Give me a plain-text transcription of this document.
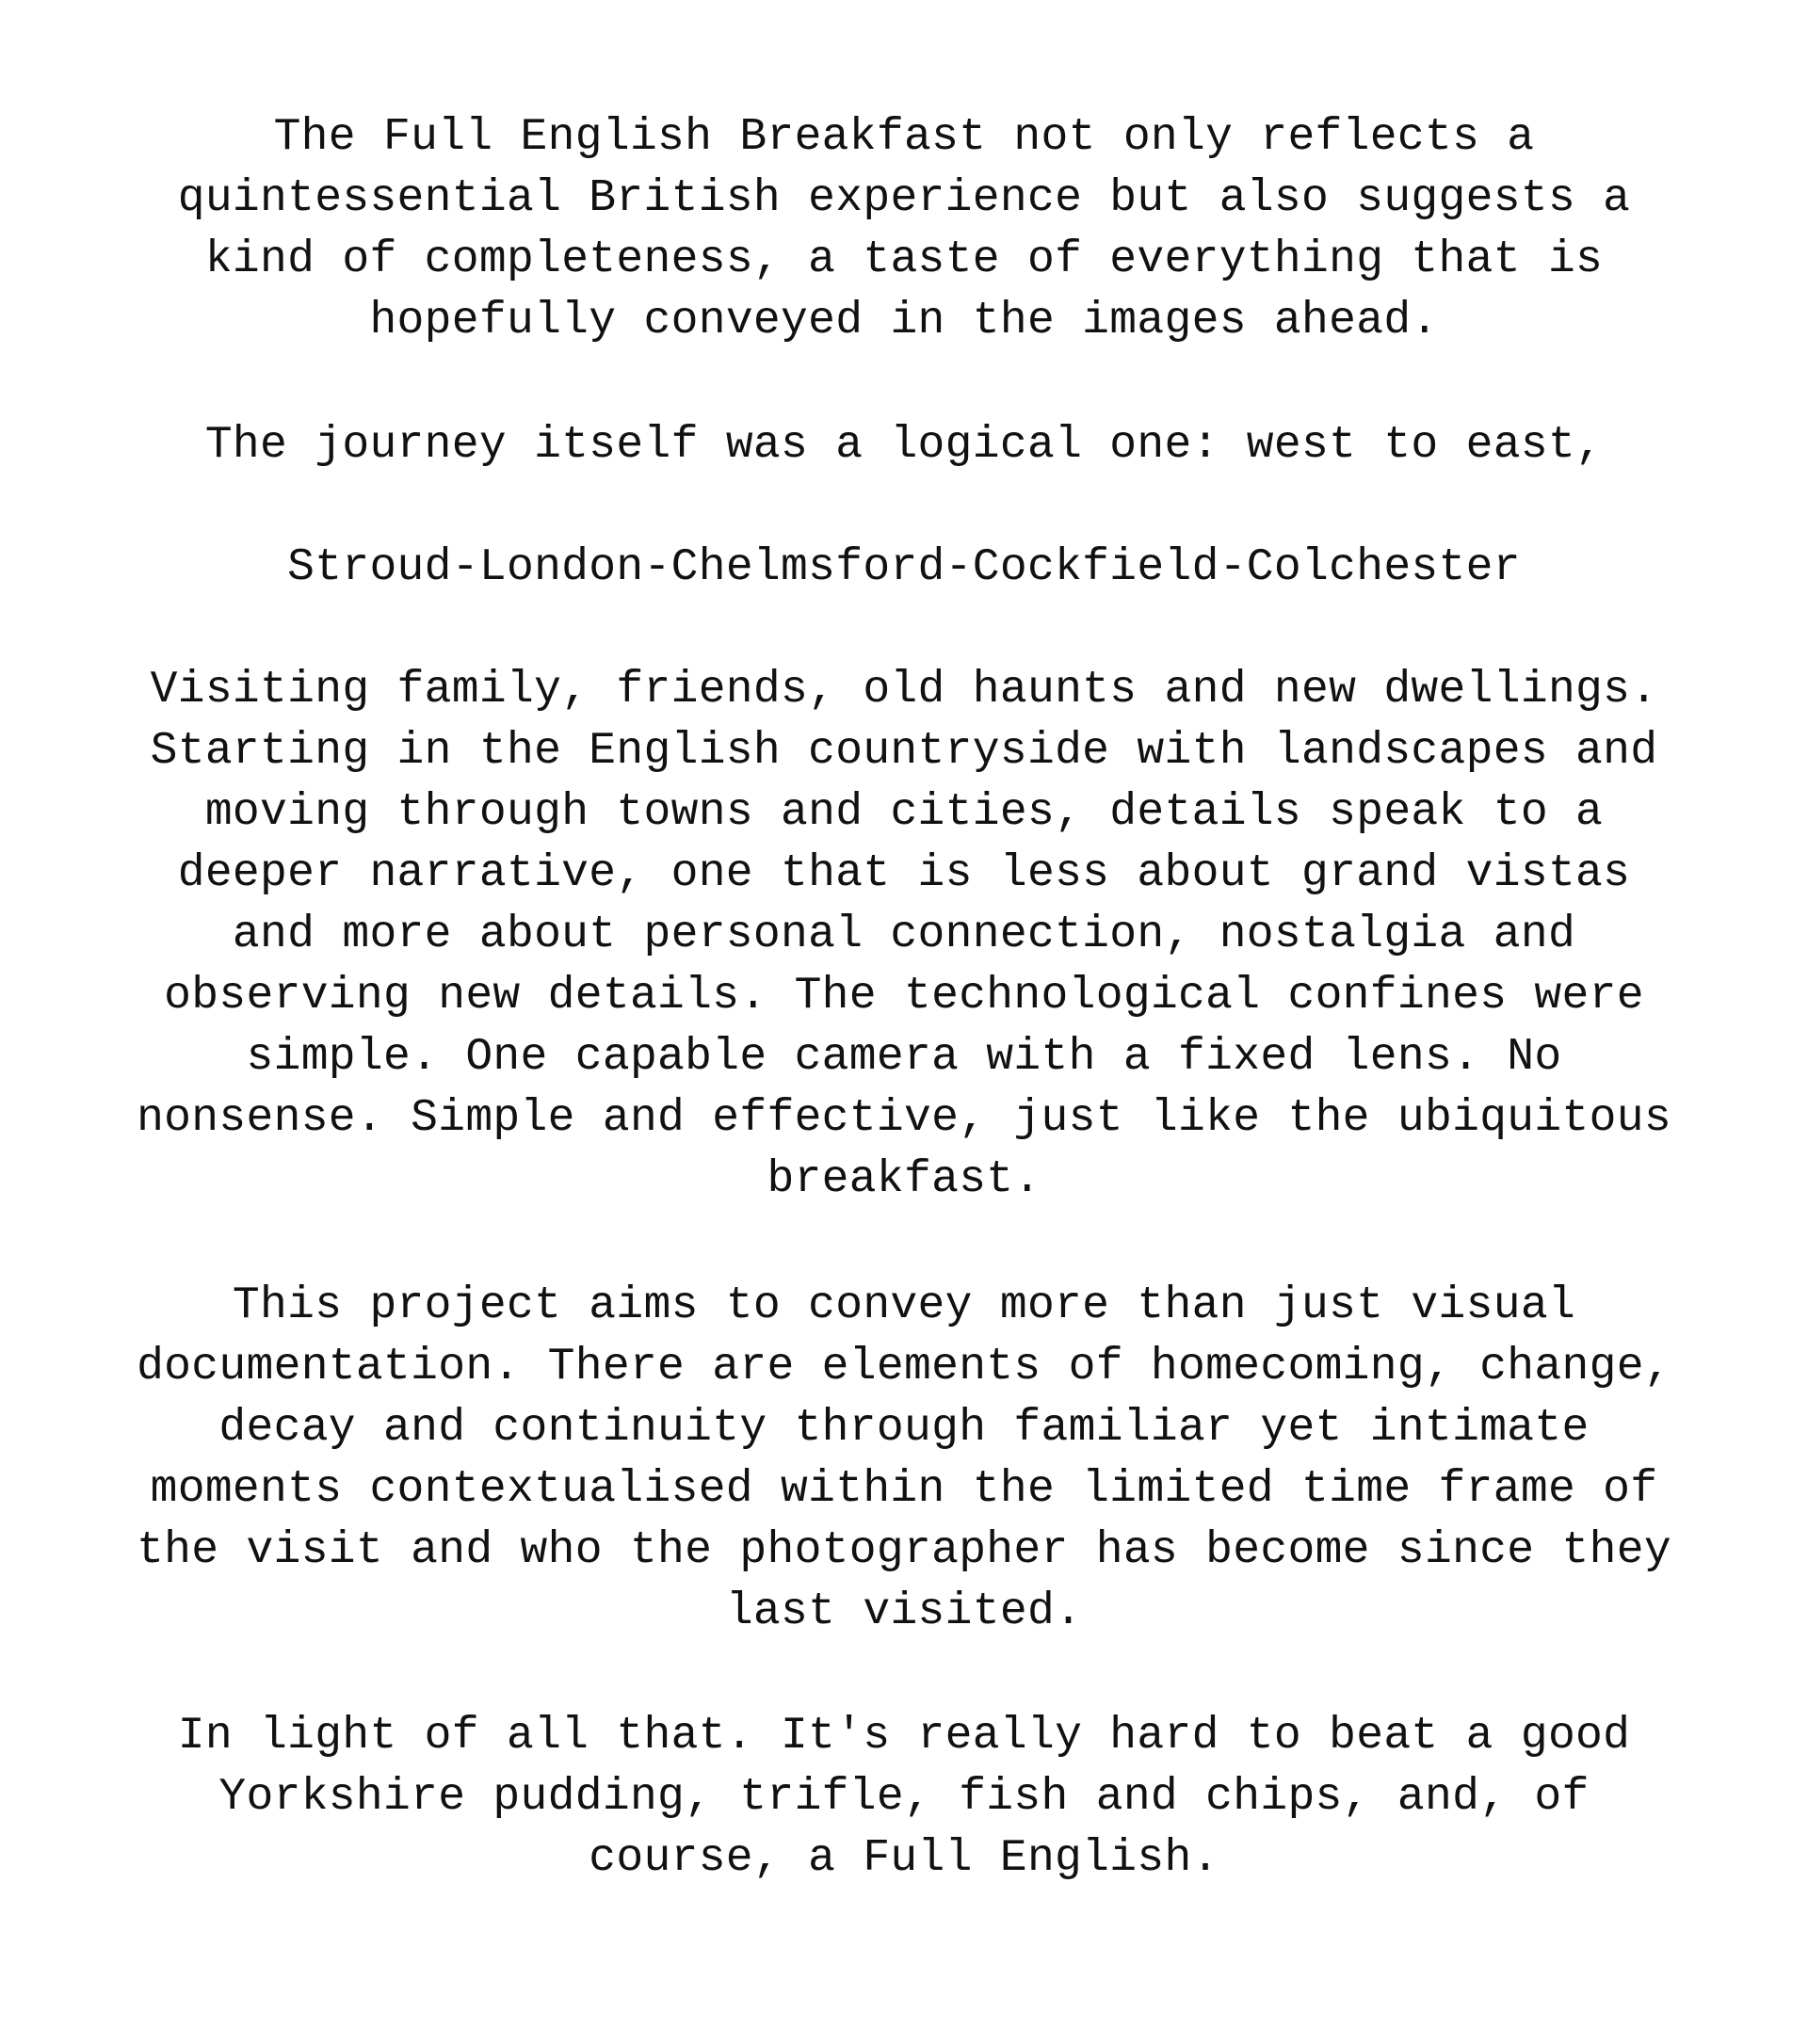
The Full English Breakfast not only reflects a
quintessential British experience but also suggests a
kind of completeness, a taste of everything that is
hopefully conveyed in the images ahead.
The journey itself was a logical one: west to east,
Stroud-London-Chelmsford-Cockfield-Colchester
Visiting family, friends, old haunts and new dwellings.
Starting in the English countryside with landscapes and
moving through towns and cities, details speak to a
deeper narrative, one that is less about grand vistas
and more about personal connection, nostalgia and
observing new details. The technological confines were
simple. One capable camera with a fixed lens. No
nonsense. Simple and effective, just like the ubiquitous
breakfast.
This project aims to convey more than just visual
documentation. There are elements of homecoming, change,
decay and continuity through familiar yet intimate
moments contextualised within the limited time frame of
the visit and who the photographer has become since they
last visited.
In light of all that. It's really hard to beat a good
Yorkshire pudding, trifle, fish and chips, and, of
course, a Full English.
